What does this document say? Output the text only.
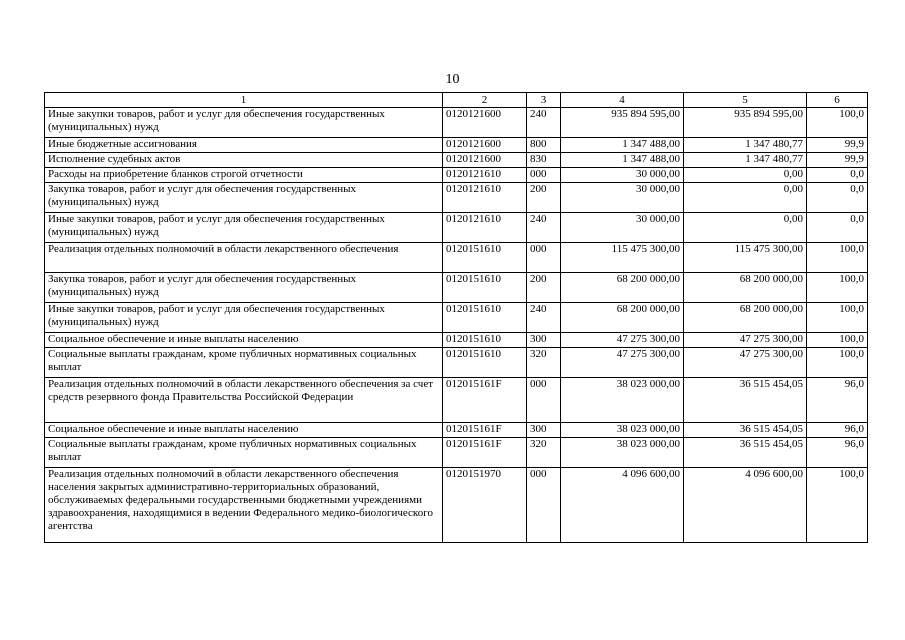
10
1	2	3	4	5	6
Иные закупки товаров, работ и услуг для обеспечения государственных (муниципальных) нужд	0120121600	240	935 894 595,00	935 894 595,00	100,0
Иные бюджетные ассигнования	0120121600	800	1 347 488,00	1 347 480,77	99,9
Исполнение судебных актов	0120121600	830	1 347 488,00	1 347 480,77	99,9
Расходы на приобретение бланков строгой отчетности	0120121610	000	30 000,00	0,00	0,0
Закупка товаров, работ и услуг для обеспечения государственных (муниципальных) нужд	0120121610	200	30 000,00	0,00	0,0
Иные закупки товаров, работ и услуг для обеспечения государственных (муниципальных) нужд	0120121610	240	30 000,00	0,00	0,0
Реализация отдельных полномочий в области лекарственного обеспечения	0120151610	000	115 475 300,00	115 475 300,00	100,0
Закупка товаров, работ и услуг для обеспечения государственных (муниципальных) нужд	0120151610	200	68 200 000,00	68 200 000,00	100,0
Иные закупки товаров, работ и услуг для обеспечения государственных (муниципальных) нужд	0120151610	240	68 200 000,00	68 200 000,00	100,0
Социальное обеспечение и иные выплаты населению	0120151610	300	47 275 300,00	47 275 300,00	100,0
Социальные выплаты гражданам, кроме публичных нормативных социальных выплат	0120151610	320	47 275 300,00	47 275 300,00	100,0
Реализация отдельных полномочий в области лекарственного обеспечения за счет средств резервного фонда Правительства Российской Федерации	012015161F	000	38 023 000,00	36 515 454,05	96,0
Социальное обеспечение и иные выплаты населению	012015161F	300	38 023 000,00	36 515 454,05	96,0
Социальные выплаты гражданам, кроме публичных нормативных социальных выплат	012015161F	320	38 023 000,00	36 515 454,05	96,0
Реализация отдельных полномочий в области лекарственного обеспечения населения закрытых административно-территориальных образований, обслуживаемых федеральными государственными бюджетными учреждениями здравоохранения, находящимися в ведении Федерального медико-биологического агентства	0120151970	000	4 096 600,00	4 096 600,00	100,0
